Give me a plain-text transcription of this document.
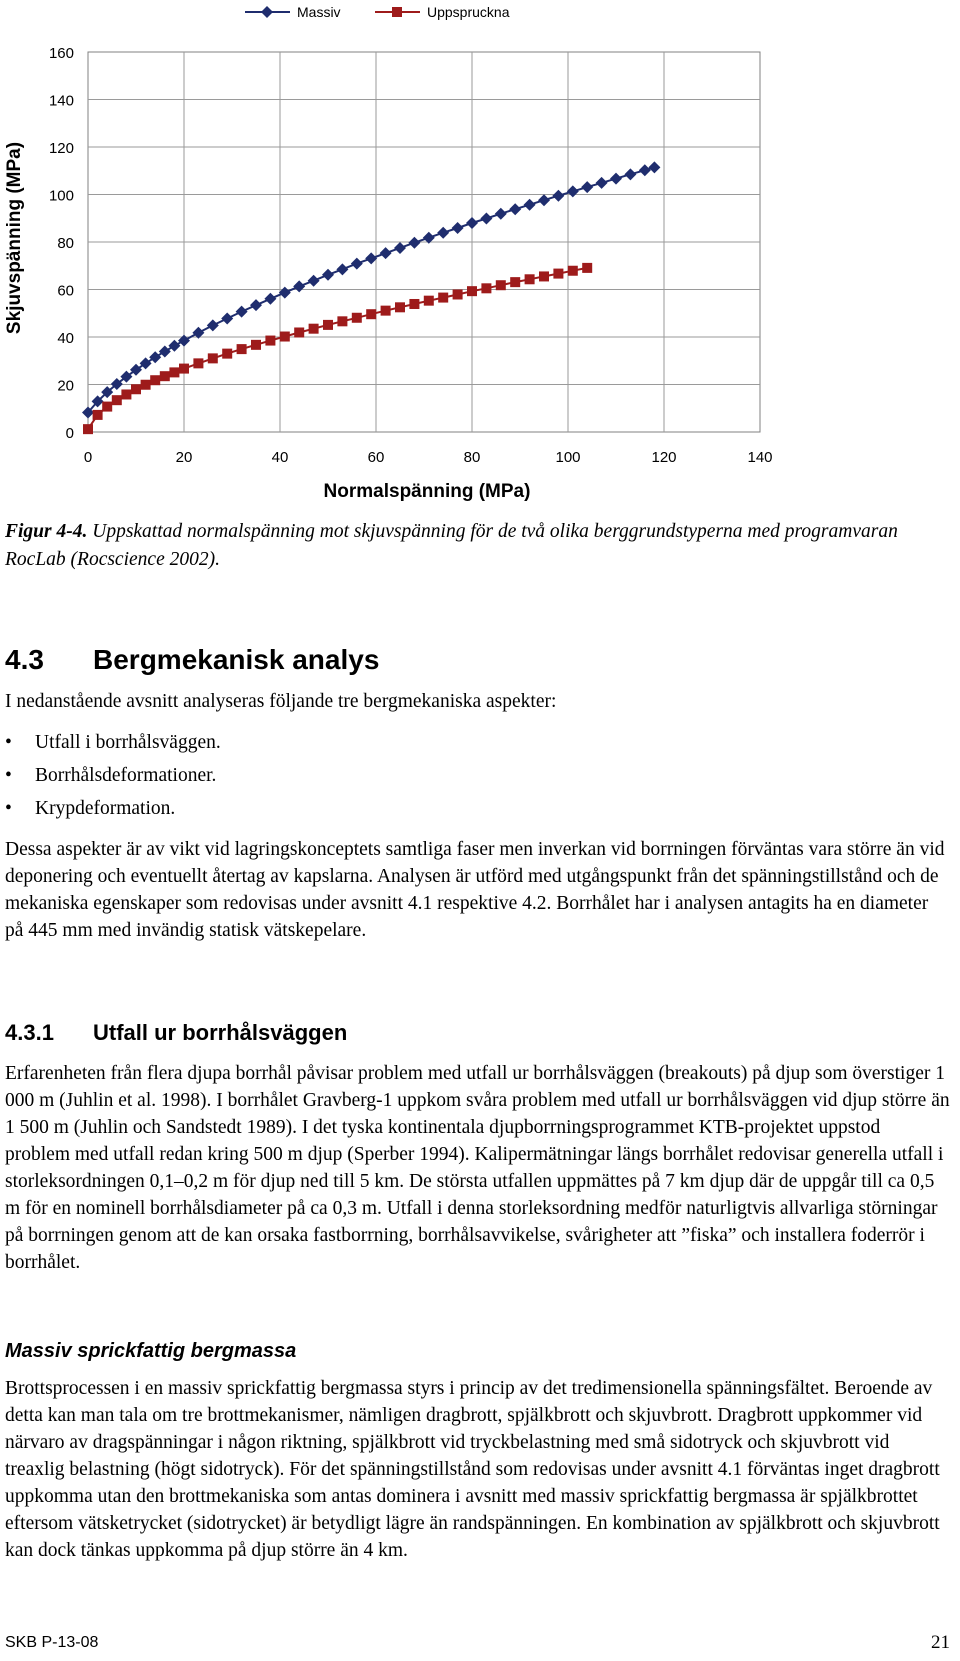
Massiv	Uppspruckna
0	20	40	60	80	100	120	140
0
20
40
60
80
100
120
140
160
Normalspänning (MPa)
Skjuvspänning (MPa)
Figur 4-4. Uppskattad normalspänning mot skjuvspänning för de två olika berggrundstyperna med programvaran RocLab (Rocscience 2002).
4.3 Bergmekanisk analys

I nedanstående avsnitt analyseras följande tre bergmekaniska aspekter:

• Utfall i borrhålsväggen.
• Borrhålsdeformationer.
• Krypdeformation.

Dessa aspekter är av vikt vid lagringskonceptets samtliga faser men inverkan vid borrningen förväntas vara större än vid deponering och eventuellt återtag av kapslarna. Analysen är utförd med utgångspunkt från det spänningstillstånd och de mekaniska egenskaper som redovisas under avsnitt 4.1 respektive 4.2. Borrhålet har i analysen antagits ha en diameter på 445 mm med invändig statisk vätskepelare.

4.3.1 Utfall ur borrhålsväggen

Erfarenheten från flera djupa borrhål påvisar problem med utfall ur borrhålsväggen (breakouts) på djup som överstiger 1 000 m (Juhlin et al. 1998). I borrhålet Gravberg-1 uppkom svåra problem med utfall ur borrhålsväggen vid djup större än 1 500 m (Juhlin och Sandstedt 1989). I det tyska kontinentala djupborrningsprogrammet KTB-projektet uppstod problem med utfall redan kring 500 m djup (Sperber 1994). Kalipermätningar längs borrhålet redovisar generella utfall i storleksordningen 0,1–0,2 m för djup ned till 5 km. De största utfallen uppmättes på 7 km djup där de uppgår till ca 0,5 m för en nominell borrhålsdiameter på ca 0,3 m. Utfall i denna storleksordning medför naturligtvis allvarliga störningar på borrningen genom att de kan orsaka fastborrning, borrhålsavvikelse, svårigheter att ”fiska” och installera foderrör i borrhålet.

Massiv sprickfattig bergmassa

Brottsprocessen i en massiv sprickfattig bergmassa styrs i princip av det tredimensionella spänningsfältet. Beroende av detta kan man tala om tre brottmekanismer, nämligen dragbrott, spjälkbrott och skjuvbrott. Dragbrott uppkommer vid närvaro av dragspänningar i någon riktning, spjälkbrott vid tryckbelastning med små sidotryck och skjuvbrott vid treaxlig belastning (högt sidotryck). För det spänningstillstånd som redovisas under avsnitt 4.1 förväntas inget dragbrott uppkomma utan den brottmekaniska som antas dominera i avsnitt med massiv sprickfattig bergmassa är spjälkbrottet eftersom vätsketrycket (sidotrycket) är betydligt lägre än randspänningen. En kombination av spjälkbrott och skjuvbrott kan dock tänkas uppkomma på djup större än 4 km.

SKB P-13-08	21
